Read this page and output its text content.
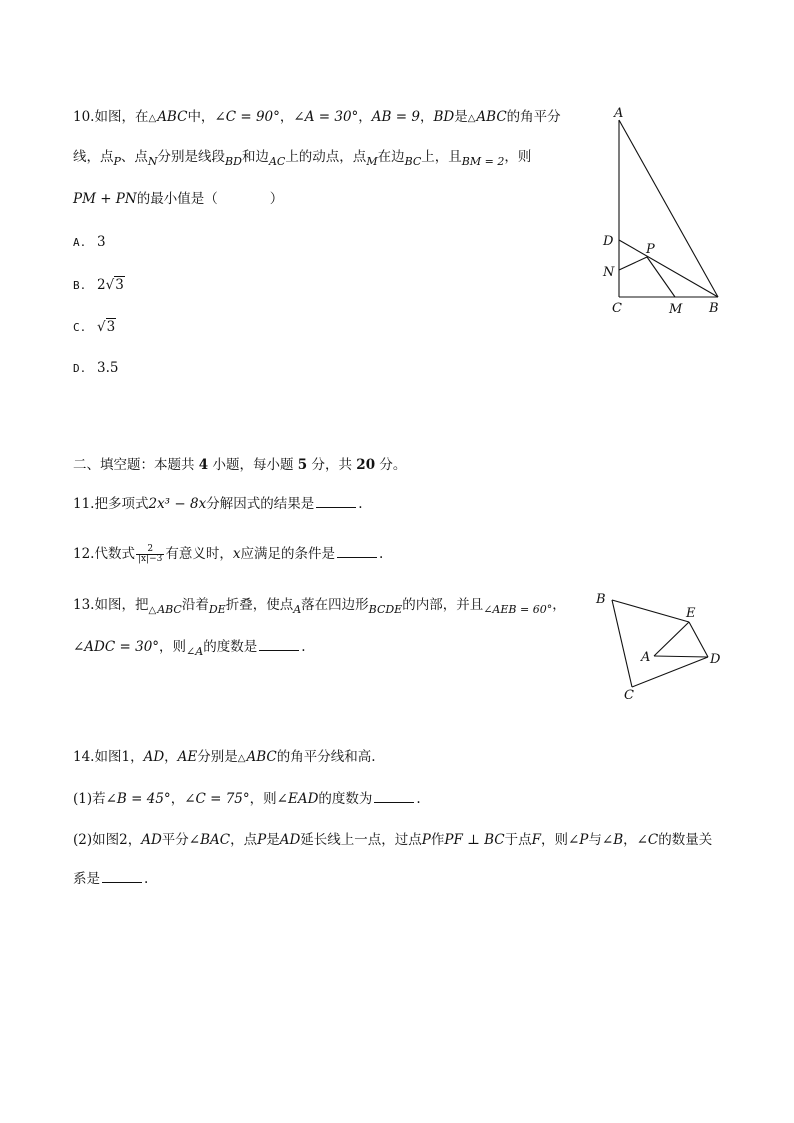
10.如图，在△ABC中，∠C = 90°，∠A = 30°，AB = 9，BD是△ABC的角平分
线，点$_P$、点$_N$分别是线段$_{BD}$和边$_{AC}$上的动点，点$_M$在边$_{BC}$上，且$_{BM = 2}$，则
PM + PN的最小值是（	）
A. 3
B. 2√3
C. √3
D. 3.5
A
D
N
P
C	M B
二、填空题：本题共 4 小题，每小题 5 分，共 20 分。
11.把多项式2x³ − 8x分解因式的结果是	.
12.代数式 $\frac{2}{|x|-3}$ 有意义时，x应满足的条件是	.
13.如图，把$_{\triangle ABC}$沿着$_{DE}$折叠，使点$_A$落在四边形$_{BCDE}$的内部，并且$_{\angle AEB = 60^\circ}$，
∠ADC = 30°，则$_{\angle A}$的度数是	.
B
E
A	D
C
14.如图1，AD，AE分别是△ABC的角平分线和高.
(1)若∠B = 45°，∠C = 75°，则∠EAD的度数为	.
(2)如图2，AD平分∠BAC，点P是AD延长线上一点，过点P作PF ⊥ BC于点F，则∠P与∠B，∠C的数量关
系是	.
